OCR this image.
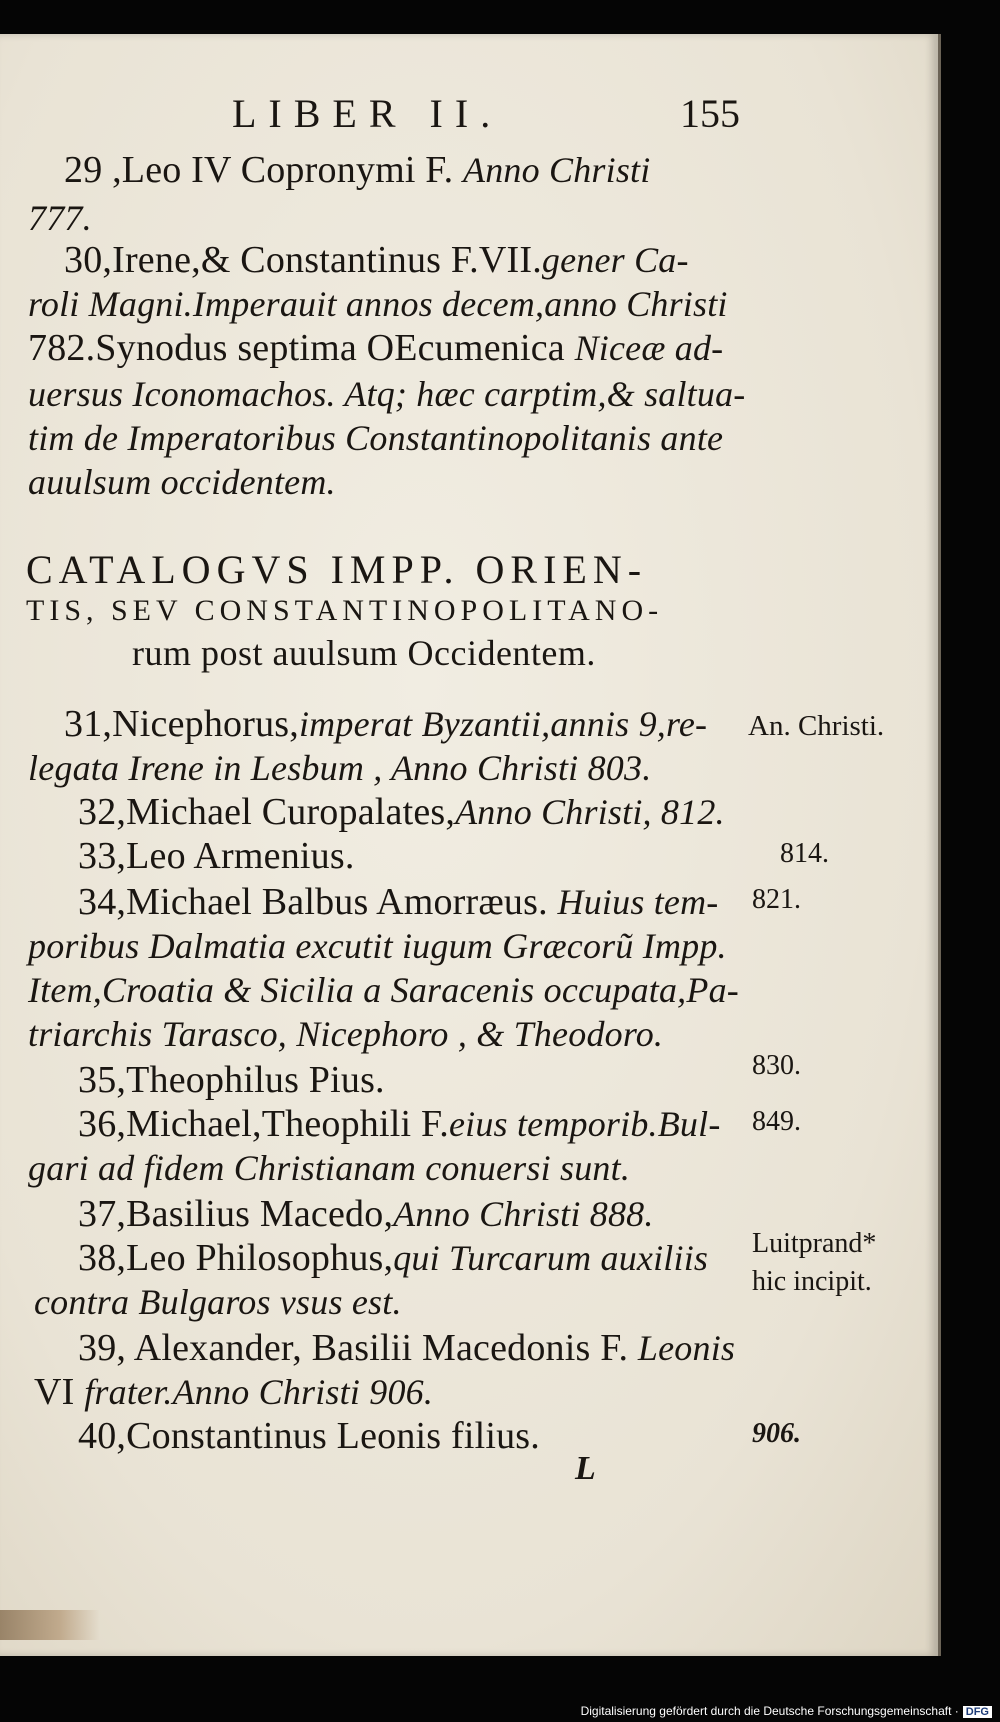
LIBER II.	155
29 ,Leo IV Copronymi F. Anno Christi
777.
30,Irene,& Constantinus F.VII.gener Ca-
roli Magni.Imperauit annos decem,anno Christi
782.Synodus septima OEcumenica Niceæ ad-
uersus Iconomachos. Atq; hæc carptim,& saltua-
tim de Imperatoribus Constantinopolitanis ante
auulsum occidentem.
CATALOGVS IMPP. ORIEN-
TIS, SEV CONSTANTINOPOLITANO-
rum post auulsum Occidentem.
31,Nicephorus,imperat Byzantii,annis 9,re-
legata Irene in Lesbum , Anno Christi 803.
32,Michael Curopalates,Anno Christi, 812.
33,Leo Armenius.
34,Michael Balbus Amorræus. Huius tem-
poribus Dalmatia excutit iugum Græcorũ Impp.
Item,Croatia & Sicilia a Saracenis occupata,Pa-
triarchis Tarasco, Nicephoro , & Theodoro.
35,Theophilus Pius.
36,Michael,Theophili F.eius temporib.Bul-
gari ad fidem Christianam conuersi sunt.
37,Basilius Macedo,Anno Christi 888.
38,Leo Philosophus,qui Turcarum auxiliis
contra Bulgaros vsus est.
39, Alexander, Basilii Macedonis F. Leonis
VI frater.Anno Christi 906.
40,Constantinus Leonis filius.
An. Christi.
814.
821.
830.
849.
Luitprand*
hic incipit.
906.
L
Digitalisierung gefördert durch die Deutsche Forschungsgemeinschaft · DFG
